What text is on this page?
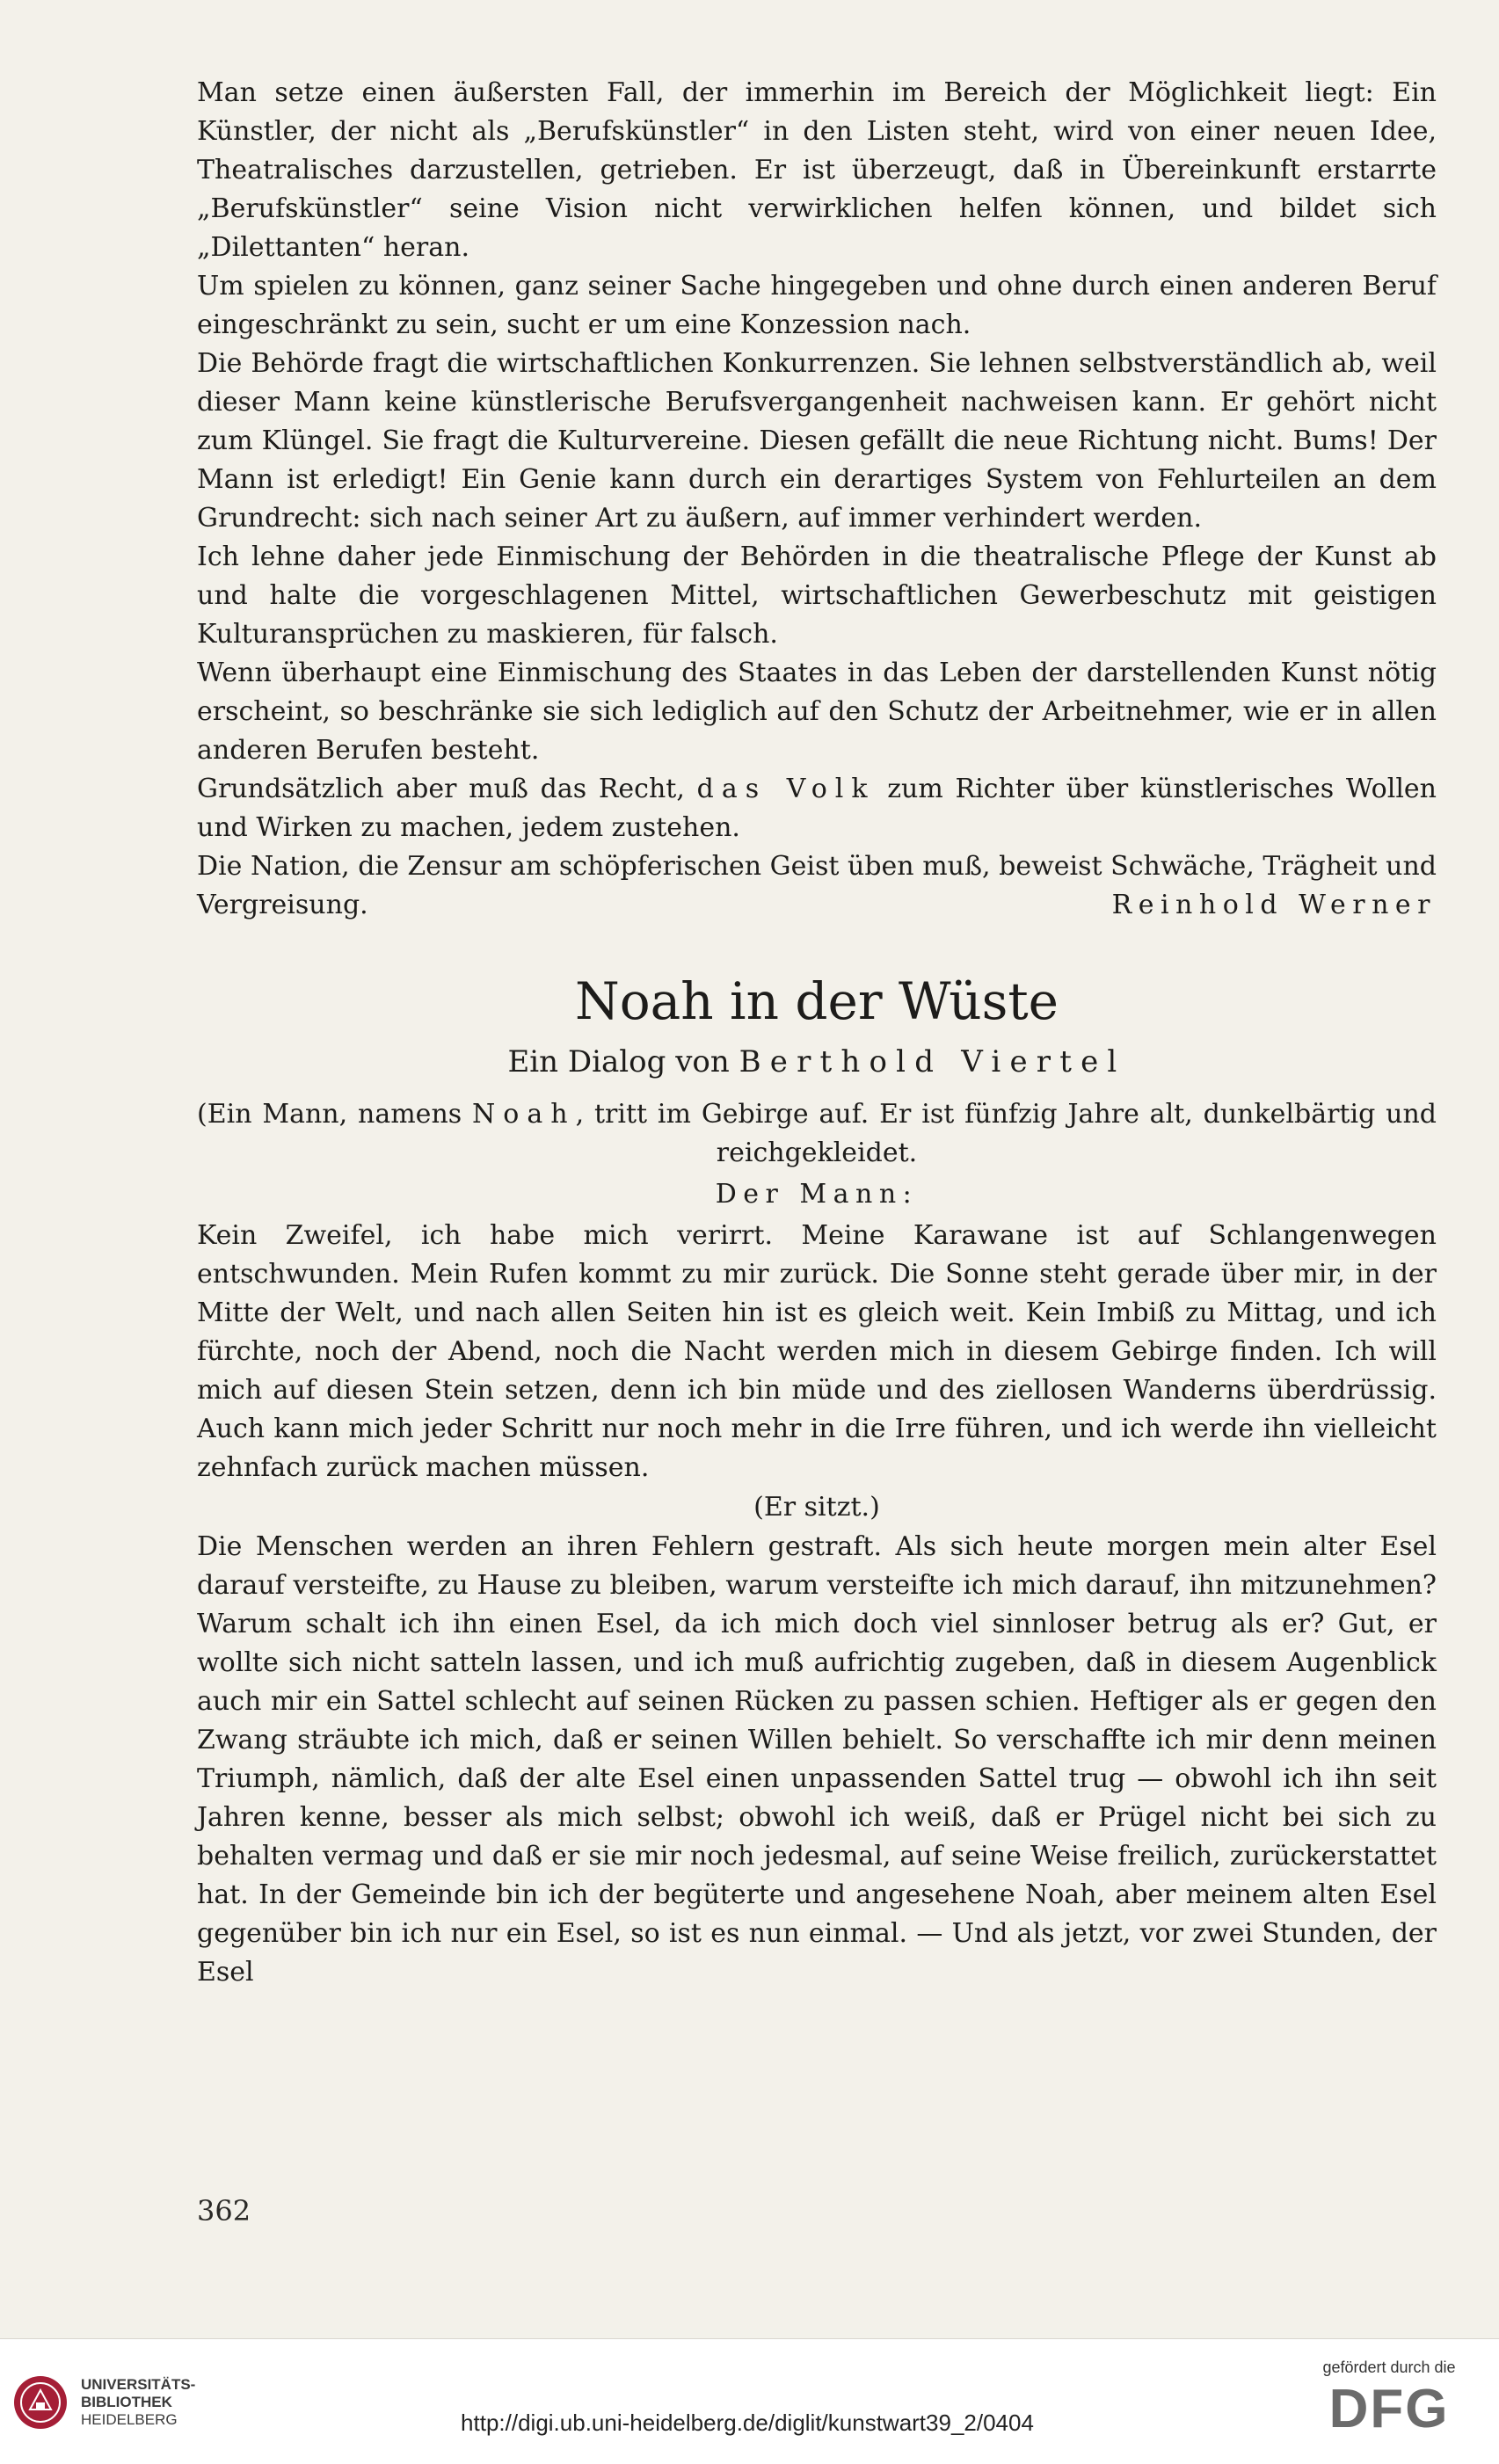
Man setze einen äußersten Fall, der immerhin im Bereich der Möglichkeit liegt: Ein Künstler, der nicht als „Berufskünstler“ in den Listen steht, wird von einer neuen Idee, Theatralisches darzustellen, getrieben. Er ist überzeugt, daß in Übereinkunft erstarrte „Berufskünstler“ seine Vision nicht verwirklichen helfen können, und bildet sich „Dilettanten“ heran.

Um spielen zu können, ganz seiner Sache hingegeben und ohne durch einen anderen Beruf eingeschränkt zu sein, sucht er um eine Konzession nach.

Die Behörde fragt die wirtschaftlichen Konkurrenzen. Sie lehnen selbstverständlich ab, weil dieser Mann keine künstlerische Berufsvergangenheit nachweisen kann. Er gehört nicht zum Klüngel. Sie fragt die Kulturvereine. Diesen gefällt die neue Richtung nicht. Bums! Der Mann ist erledigt! Ein Genie kann durch ein derartiges System von Fehlurteilen an dem Grundrecht: sich nach seiner Art zu äußern, auf immer verhindert werden.

Ich lehne daher jede Einmischung der Behörden in die theatralische Pflege der Kunst ab und halte die vorgeschlagenen Mittel, wirtschaftlichen Gewerbeschutz mit geistigen Kulturansprüchen zu maskieren, für falsch.

Wenn überhaupt eine Einmischung des Staates in das Leben der darstellenden Kunst nötig erscheint, so beschränke sie sich lediglich auf den Schutz der Arbeitnehmer, wie er in allen anderen Berufen besteht.

Grundsätzlich aber muß das Recht, das Volk zum Richter über künstlerisches Wollen und Wirken zu machen, jedem zustehen.

Die Nation, die Zensur am schöpferischen Geist üben muß, beweist Schwäche, Trägheit und Vergreisung.	Reinhold Werner

Noah in der Wüste
Ein Dialog von Berthold Viertel

(Ein Mann, namens Noah, tritt im Gebirge auf. Er ist fünfzig Jahre alt, dunkelbärtig und reichgekleidet.

Der Mann:

Kein Zweifel, ich habe mich verirrt. Meine Karawane ist auf Schlangenwegen entschwunden. Mein Rufen kommt zu mir zurück. Die Sonne steht gerade über mir, in der Mitte der Welt, und nach allen Seiten hin ist es gleich weit. Kein Imbiß zu Mittag, und ich fürchte, noch der Abend, noch die Nacht werden mich in diesem Gebirge finden. Ich will mich auf diesen Stein setzen, denn ich bin müde und des ziellosen Wanderns überdrüssig. Auch kann mich jeder Schritt nur noch mehr in die Irre führen, und ich werde ihn vielleicht zehnfach zurück machen müssen.

(Er sitzt.)

Die Menschen werden an ihren Fehlern gestraft. Als sich heute morgen mein alter Esel darauf versteifte, zu Hause zu bleiben, warum versteifte ich mich darauf, ihn mitzunehmen? Warum schalt ich ihn einen Esel, da ich mich doch viel sinnloser betrug als er? Gut, er wollte sich nicht satteln lassen, und ich muß aufrichtig zugeben, daß in diesem Augenblick auch mir ein Sattel schlecht auf seinen Rücken zu passen schien. Heftiger als er gegen den Zwang sträubte ich mich, daß er seinen Willen behielt. So verschaffte ich mir denn meinen Triumph, nämlich, daß der alte Esel einen unpassenden Sattel trug — obwohl ich ihn seit Jahren kenne, besser als mich selbst; obwohl ich weiß, daß er Prügel nicht bei sich zu behalten vermag und daß er sie mir noch jedesmal, auf seine Weise freilich, zurückerstattet hat. In der Gemeinde bin ich der begüterte und angesehene Noah, aber meinem alten Esel gegenüber bin ich nur ein Esel, so ist es nun einmal. — Und als jetzt, vor zwei Stunden, der Esel

362
UNIVERSITÄTS-
BIBLIOTHEK
HEIDELBERG	http://digi.ub.uni-heidelberg.de/diglit/kunstwart39_2/0404
gefördert durch die
DFG
